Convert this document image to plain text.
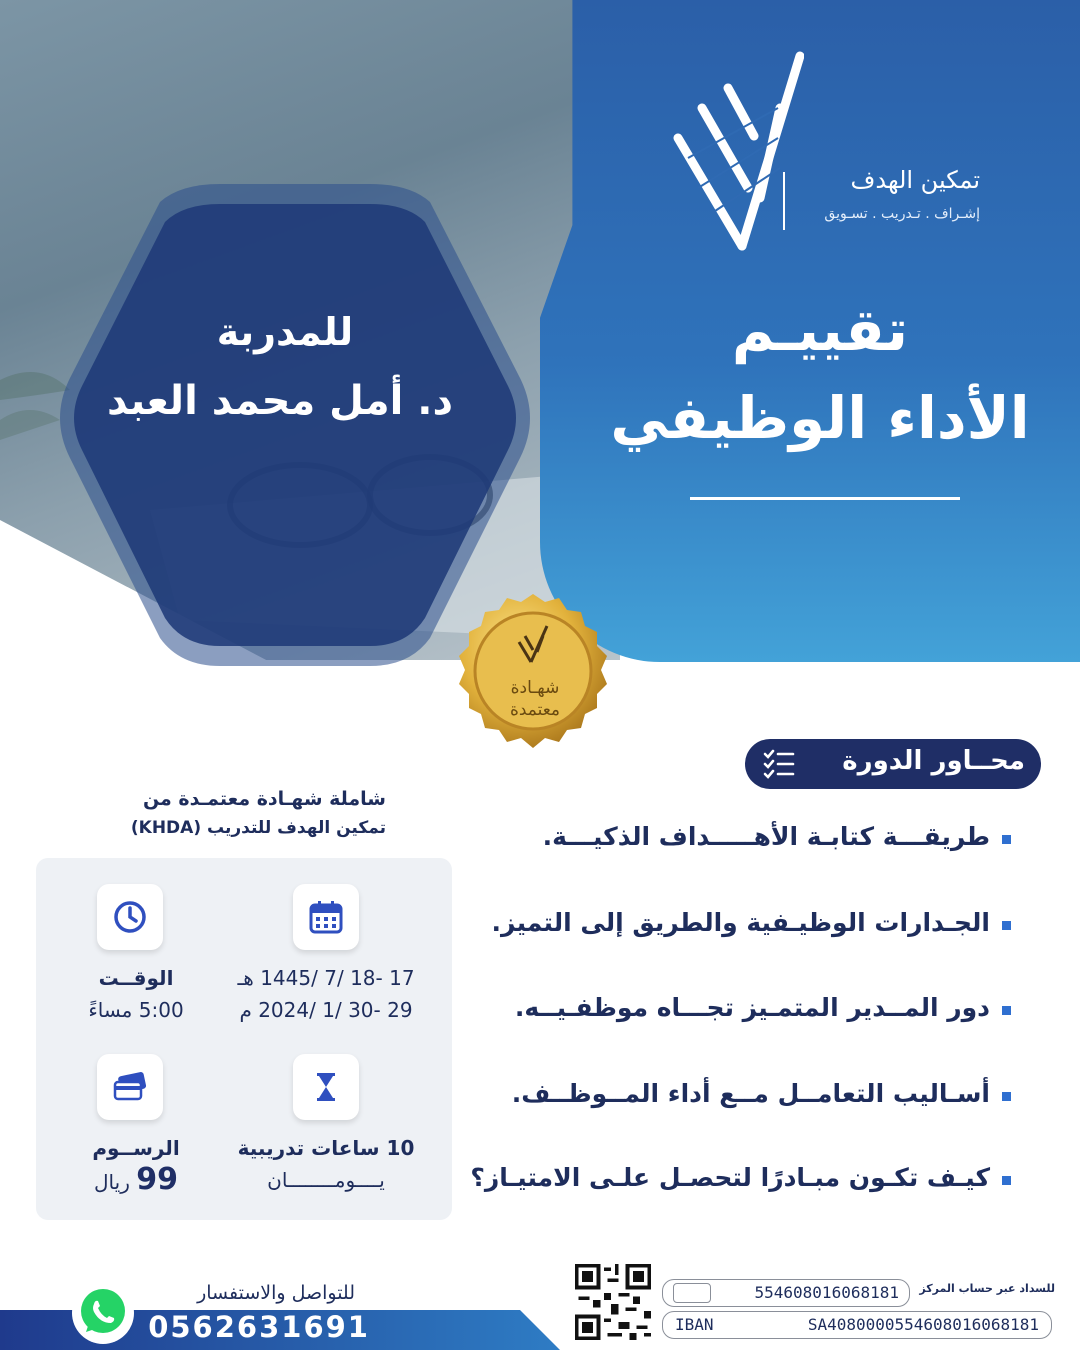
تمكين الهدف
إشـراف . تـدريب . تسـويق
تقييـم
الأداء الوظيفي
للمدربة
د. أمل محمد العبد
شهـادة
معتمدة
محــاور الدورة
طريقـــة كتابـة الأهـــــداف الذكيـــة.
الجـدارات الوظيـفية والطريق إلى التميز.
دور المــدير المتمـيز تجـــاه موظفـيــه.
أسـاليب التعامــل مــع أداء المــوظــف.
كيـف تكـون مبـادرًا لتحصـل علـى الامتيـاز؟
شاملة شهـادة معتمـدة من
تمكين الهدف للتدريب (KHDA)
17 -18 /7 /1445 هـ
29 -30 /1 /2024 م
الوقــت
5:00 مساءً
10 ساعات تدريبية
يــــومــــــــان
الرســوم
99 ريال
للتواصل والاستفسار
0562631691
للسداد عبر حساب المركز
554608016068181
IBAN	SA4080000554608016068181
